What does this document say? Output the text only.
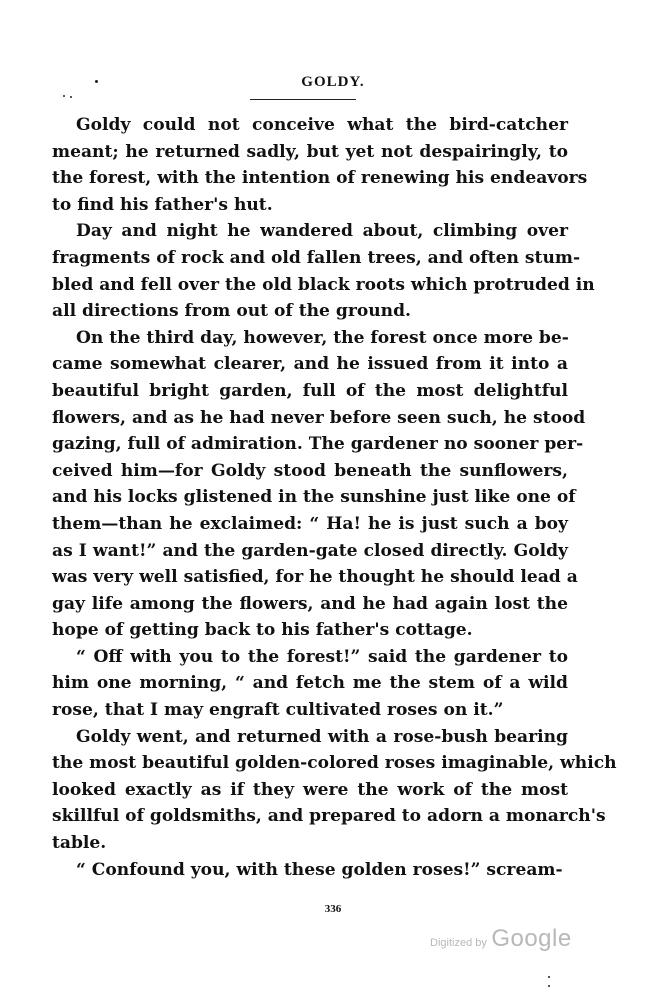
GOLDY.
Goldy could not conceive what the bird-catcher
meant; he returned sadly, but yet not despairingly, to
the forest, with the intention of renewing his endeavors
to find his father's hut.
Day and night he wandered about, climbing over
fragments of rock and old fallen trees, and often stum-
bled and fell over the old black roots which protruded in
all directions from out of the ground.
On the third day, however, the forest once more be-
came somewhat clearer, and he issued from it into a
beautiful bright garden, full of the most delightful
flowers, and as he had never before seen such, he stood
gazing, full of admiration. The gardener no sooner per-
ceived him—for Goldy stood beneath the sunflowers,
and his locks glistened in the sunshine just like one of
them—than he exclaimed: “ Ha! he is just such a boy
as I want!” and the garden-gate closed directly. Goldy
was very well satisfied, for he thought he should lead a
gay life among the flowers, and he had again lost the
hope of getting back to his father's cottage.
“ Off with you to the forest!” said the gardener to
him one morning, “ and fetch me the stem of a wild
rose, that I may engraft cultivated roses on it.”
Goldy went, and returned with a rose-bush bearing
the most beautiful golden-colored roses imaginable, which
looked exactly as if they were the work of the most
skillful of goldsmiths, and prepared to adorn a monarch's
table.
“ Confound you, with these golden roses!” scream-
336
Digitized by Google
